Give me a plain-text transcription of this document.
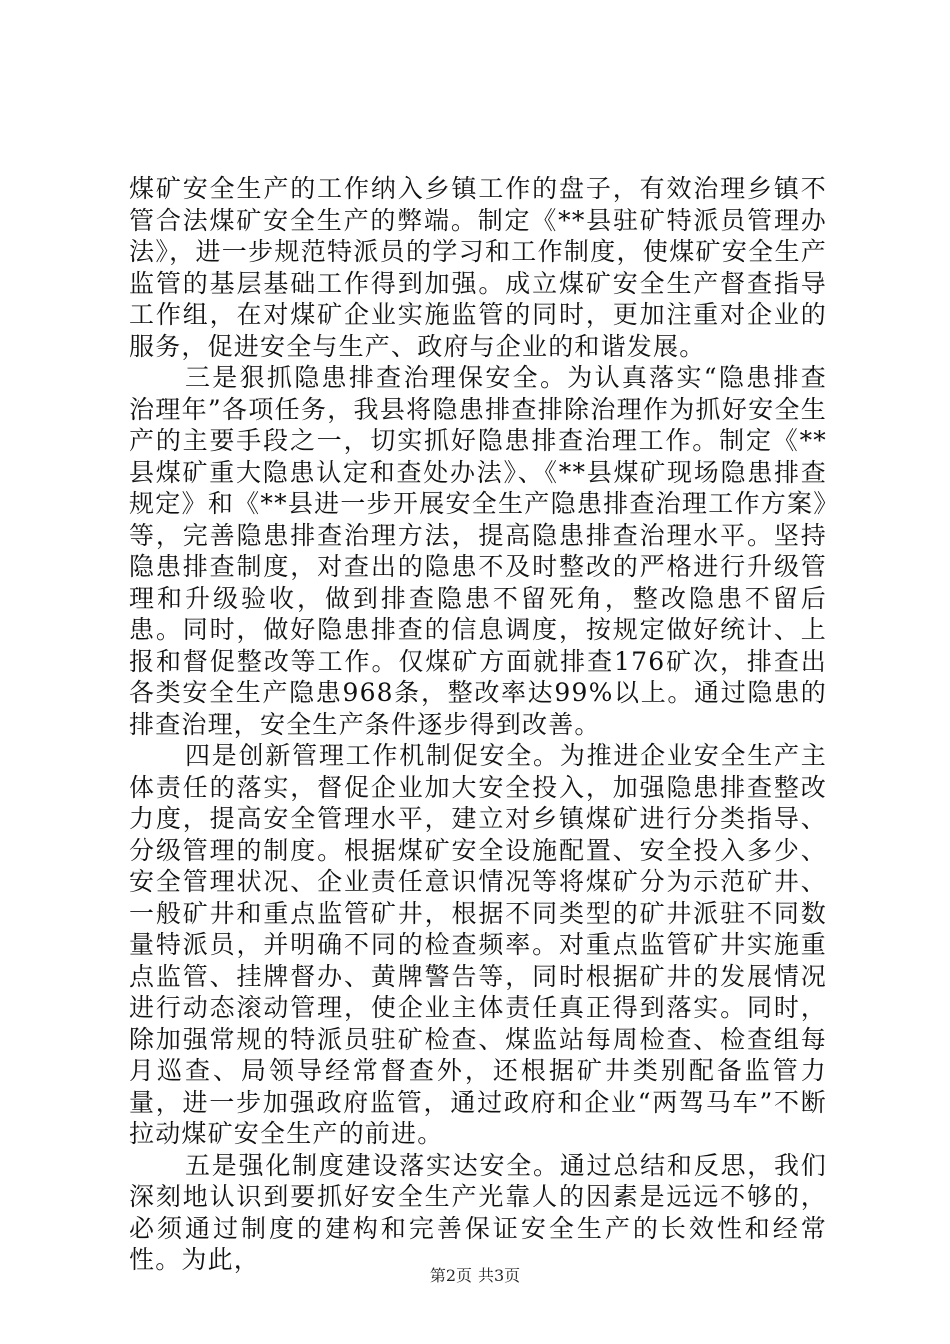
煤矿安全生产的工作纳入乡镇工作的盘子，有效治理乡镇不管合法煤矿安全生产的弊端。制定《**县驻矿特派员管理办法》，进一步规范特派员的学习和工作制度，使煤矿安全生产监管的基层基础工作得到加强。成立煤矿安全生产督查指导工作组，在对煤矿企业实施监管的同时，更加注重对企业的服务，促进安全与生产、政府与企业的和谐发展。

三是狠抓隐患排查治理保安全。为认真落实“隐患排查治理年”各项任务，我县将隐患排查排除治理作为抓好安全生产的主要手段之一，切实抓好隐患排查治理工作。制定《**县煤矿重大隐患认定和查处办法》、《**县煤矿现场隐患排查规定》和《**县进一步开展安全生产隐患排查治理工作方案》等，完善隐患排查治理方法，提高隐患排查治理水平。坚持隐患排查制度，对查出的隐患不及时整改的严格进行升级管理和升级验收，做到排查隐患不留死角，整改隐患不留后患。同时，做好隐患排查的信息调度，按规定做好统计、上报和督促整改等工作。仅煤矿方面就排查176矿次，排查出各类安全生产隐患968条，整改率达99%以上。通过隐患的排查治理，安全生产条件逐步得到改善。

四是创新管理工作机制促安全。为推进企业安全生产主体责任的落实，督促企业加大安全投入，加强隐患排查整改力度，提高安全管理水平，建立对乡镇煤矿进行分类指导、分级管理的制度。根据煤矿安全设施配置、安全投入多少、安全管理状况、企业责任意识情况等将煤矿分为示范矿井、一般矿井和重点监管矿井，根据不同类型的矿井派驻不同数量特派员，并明确不同的检查频率。对重点监管矿井实施重点监管、挂牌督办、黄牌警告等，同时根据矿井的发展情况进行动态滚动管理，使企业主体责任真正得到落实。同时，除加强常规的特派员驻矿检查、煤监站每周检查、检查组每月巡查、局领导经常督查外，还根据矿井类别配备监管力量，进一步加强政府监管，通过政府和企业“两驾马车”不断拉动煤矿安全生产的前进。

五是强化制度建设落实达安全。通过总结和反思，我们深刻地认识到要抓好安全生产光靠人的因素是远远不够的，必须通过制度的建构和完善保证安全生产的长效性和经常性。为此，

第2页 共3页
